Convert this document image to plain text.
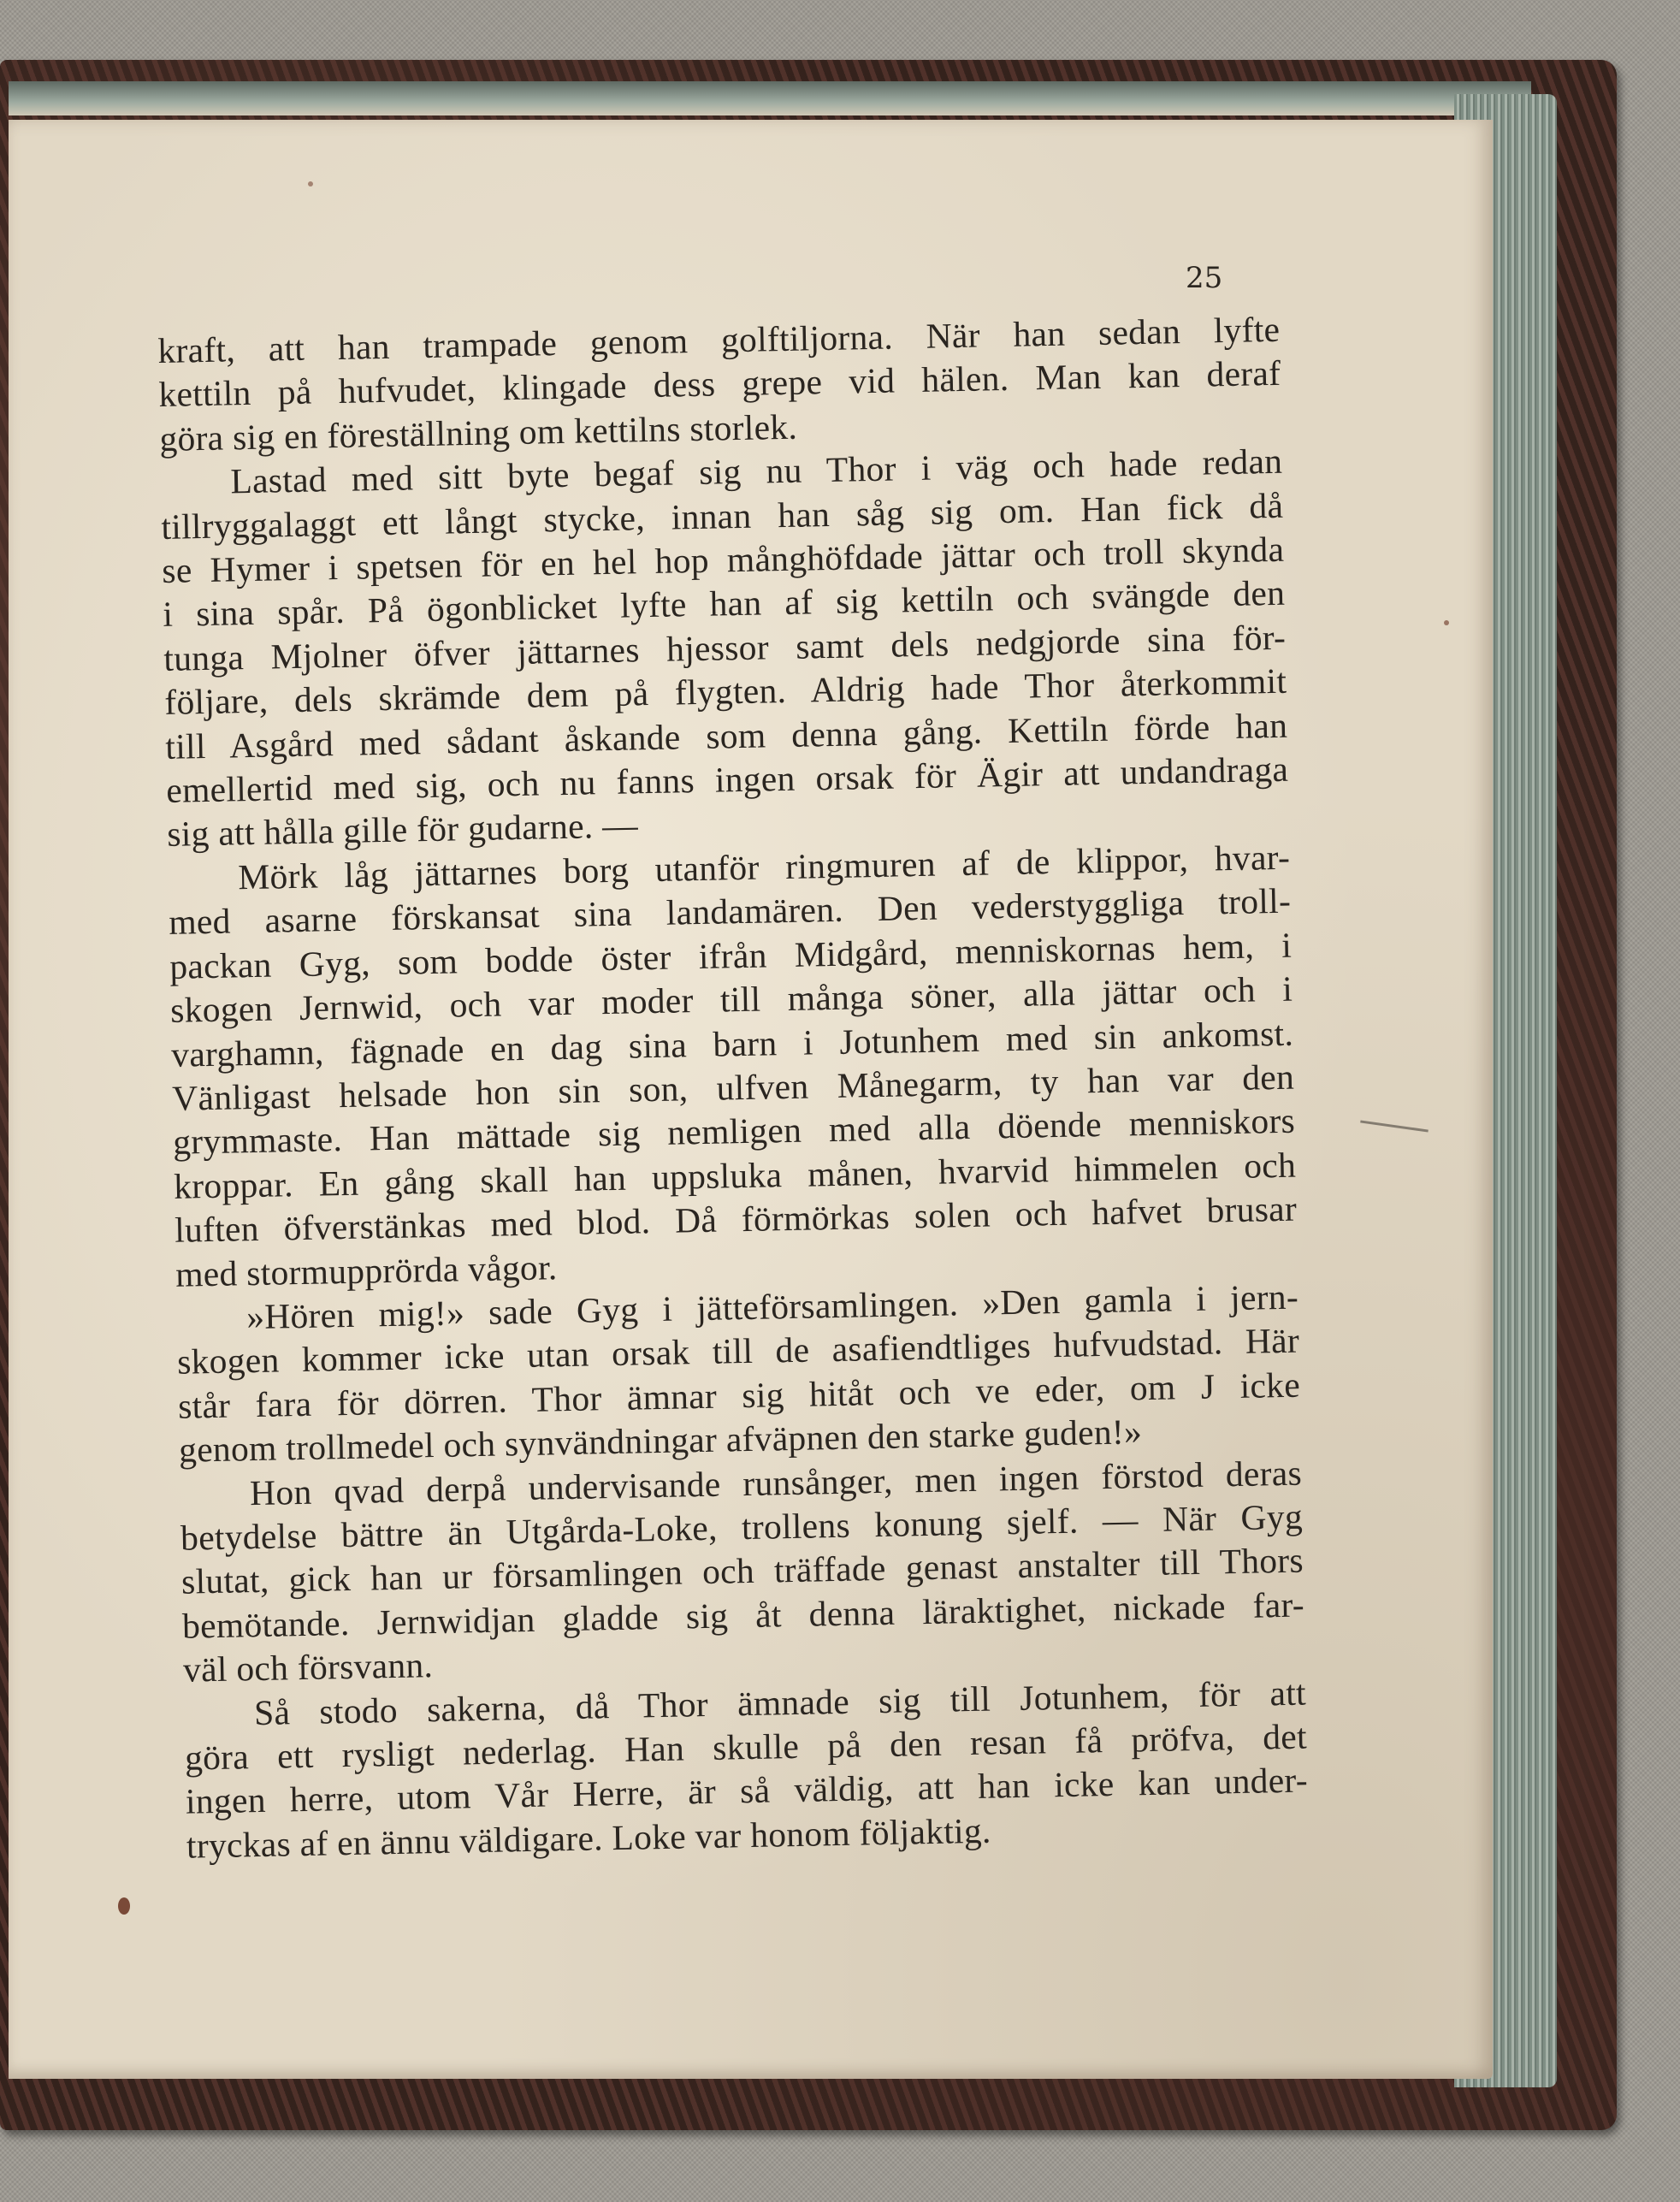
25
kraft, att han trampade genom golftiljorna. När han sedan lyfte
kettiln på hufvudet, klingade dess grepe vid hälen. Man kan deraf
göra sig en föreställning om kettilns storlek.
Lastad med sitt byte begaf sig nu Thor i väg och hade redan
tillryggalaggt ett långt stycke, innan han såg sig om. Han fick då
se Hymer i spetsen för en hel hop månghöfdade jättar och troll skynda
i sina spår. På ögonblicket lyfte han af sig kettiln och svängde den
tunga Mjolner öfver jättarnes hjessor samt dels nedgjorde sina för-
följare, dels skrämde dem på flygten. Aldrig hade Thor återkommit
till Asgård med sådant åskande som denna gång. Kettiln förde han
emellertid med sig, och nu fanns ingen orsak för Ägir att undandraga
sig att hålla gille för gudarne. —
Mörk låg jättarnes borg utanför ringmuren af de klippor, hvar-
med asarne förskansat sina landamären. Den vederstyggliga troll-
packan Gyg, som bodde öster ifrån Midgård, menniskornas hem, i
skogen Jernwid, och var moder till många söner, alla jättar och i
varghamn, fägnade en dag sina barn i Jotunhem med sin ankomst.
Vänligast helsade hon sin son, ulfven Månegarm, ty han var den
grymmaste. Han mättade sig nemligen med alla döende menniskors
kroppar. En gång skall han uppsluka månen, hvarvid himmelen och
luften öfverstänkas med blod. Då förmörkas solen och hafvet brusar
med stormupprörda vågor.
»Hören mig!» sade Gyg i jätteförsamlingen. »Den gamla i jern-
skogen kommer icke utan orsak till de asafiendtliges hufvudstad. Här
står fara för dörren. Thor ämnar sig hitåt och ve eder, om J icke
genom trollmedel och synvändningar afväpnen den starke guden!»
Hon qvad derpå undervisande runsånger, men ingen förstod deras
betydelse bättre än Utgårda-Loke, trollens konung sjelf. — När Gyg
slutat, gick han ur församlingen och träffade genast anstalter till Thors
bemötande. Jernwidjan gladde sig åt denna läraktighet, nickade far-
väl och försvann.
Så stodo sakerna, då Thor ämnade sig till Jotunhem, för att
göra ett rysligt nederlag. Han skulle på den resan få pröfva, det
ingen herre, utom Vår Herre, är så väldig, att han icke kan under-
tryckas af en ännu väldigare. Loke var honom följaktig.
